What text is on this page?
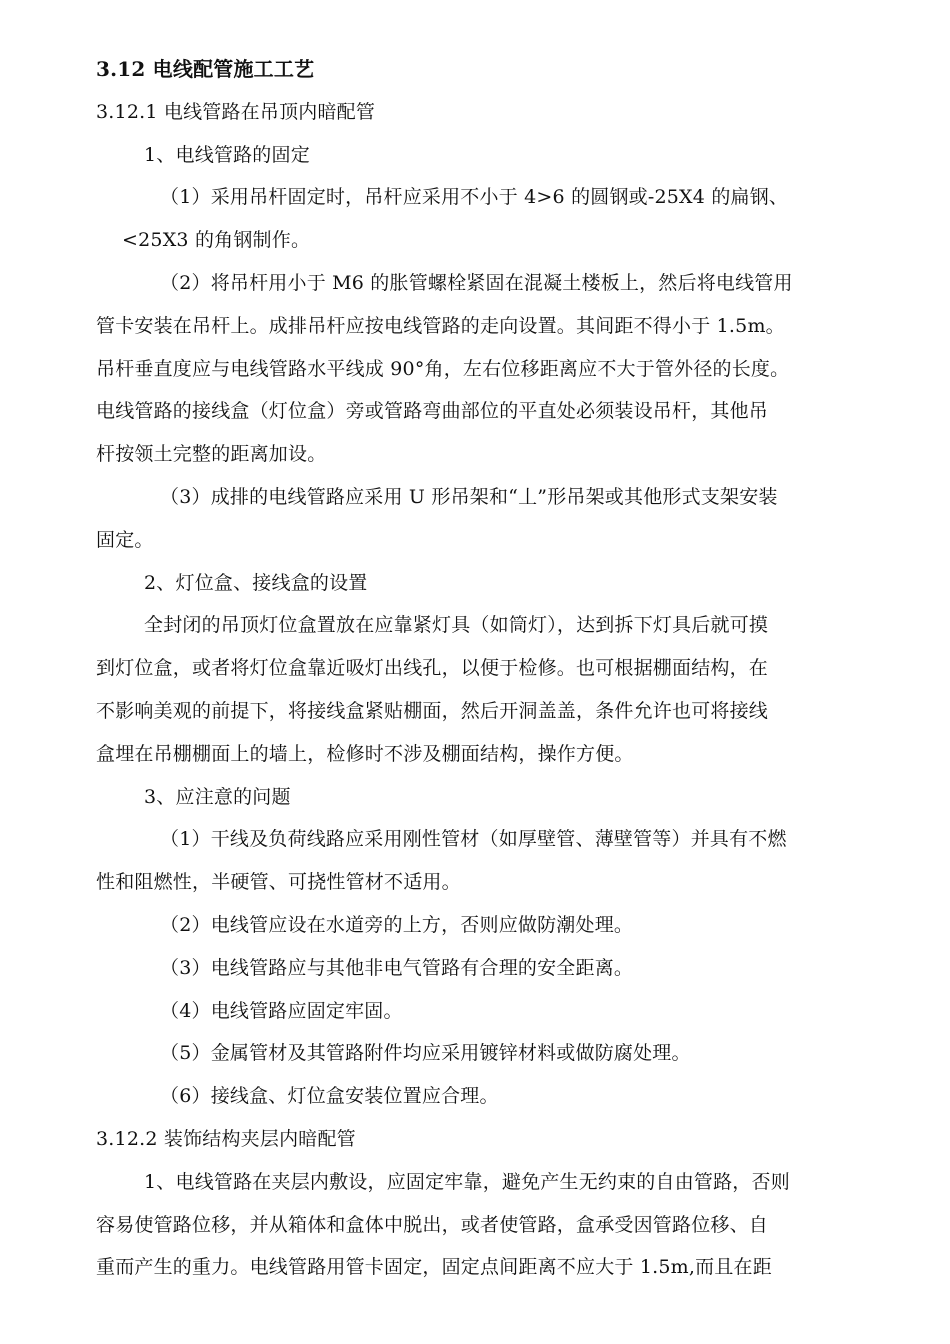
3.12 电线配管施工工艺
3.12.1 电线管路在吊顶内暗配管
1、电线管路的固定
（1）采用吊杆固定时，吊杆应采用不小于 4>6 的圆钢或-25X4 的扁钢、
<25X3 的角钢制作。
（2）将吊杆用小于 M6 的胀管螺栓紧固在混凝土楼板上，然后将电线管用
管卡安装在吊杆上。成排吊杆应按电线管路的走向设置。其间距不得小于 1.5m。
吊杆垂直度应与电线管路水平线成 90°角，左右位移距离应不大于管外径的长度。
电线管路的接线盒（灯位盒）旁或管路弯曲部位的平直处必须装设吊杆，其他吊
杆按领土完整的距离加设。
（3）成排的电线管路应采用 U 形吊架和“丄”形吊架或其他形式支架安装
固定。
2、灯位盒、接线盒的设置
全封闭的吊顶灯位盒置放在应靠紧灯具（如筒灯），达到拆下灯具后就可摸
到灯位盒，或者将灯位盒靠近吸灯出线孔，以便于检修。也可根据棚面结构，在
不影响美观的前提下，将接线盒紧贴棚面，然后开洞盖盖，条件允许也可将接线
盒埋在吊棚棚面上的墙上，检修时不涉及棚面结构，操作方便。
3、应注意的问题
（1）干线及负荷线路应采用刚性管材（如厚壁管、薄壁管等）并具有不燃
性和阻燃性，半硬管、可挠性管材不适用。
（2）电线管应设在水道旁的上方，否则应做防潮处理。
（3）电线管路应与其他非电气管路有合理的安全距离。
（4）电线管路应固定牢固。
（5）金属管材及其管路附件均应采用镀锌材料或做防腐处理。
（6）接线盒、灯位盒安装位置应合理。
3.12.2 装饰结构夹层内暗配管
1、电线管路在夹层内敷设，应固定牢靠，避免产生无约束的自由管路，否则
容易使管路位移，并从箱体和盒体中脱出，或者使管路，盒承受因管路位移、自
重而产生的重力。电线管路用管卡固定，固定点间距离不应大于 1.5m,而且在距
